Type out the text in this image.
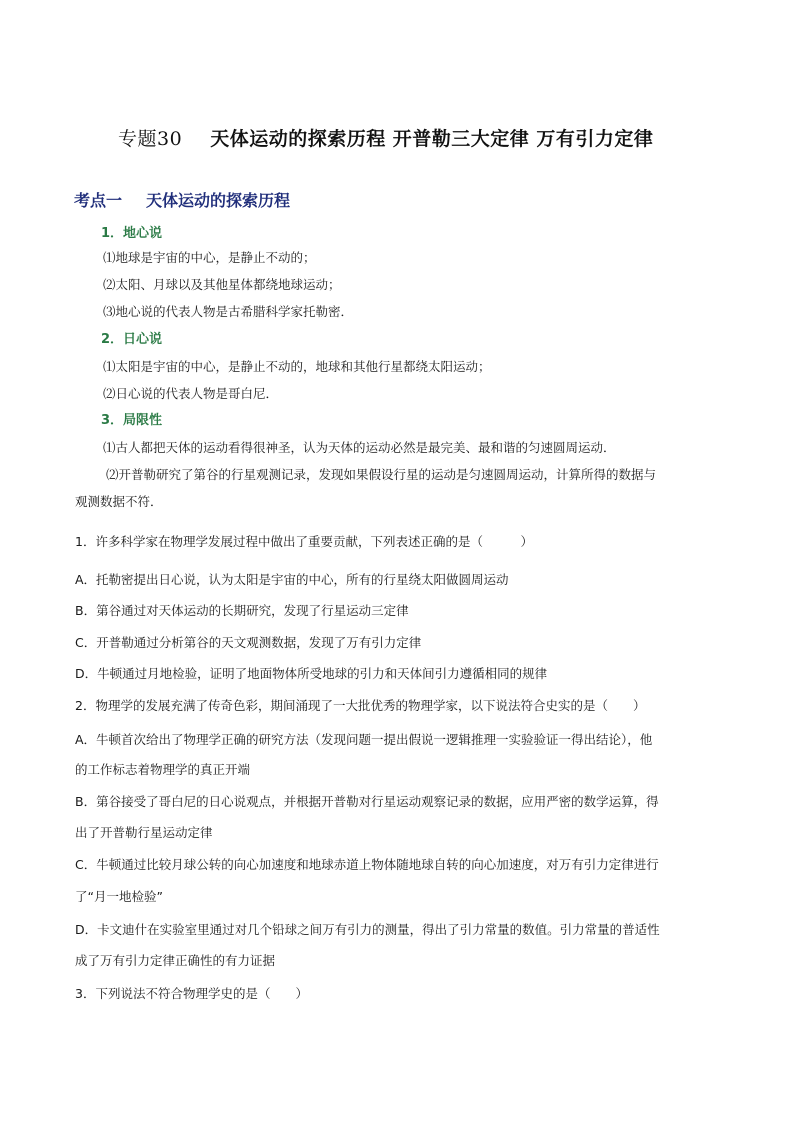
专题30 天体运动的探索历程 开普勒三大定律 万有引力定律
考点一 天体运动的探索历程
1．地心说
⑴地球是宇宙的中心，是静止不动的；
⑵太阳、月球以及其他星体都绕地球运动；
⑶地心说的代表人物是古希腊科学家托勒密．
2．日心说
⑴太阳是宇宙的中心，是静止不动的，地球和其他行星都绕太阳运动；
⑵日心说的代表人物是哥白尼．
3．局限性
⑴古人都把天体的运动看得很神圣，认为天体的运动必然是最完美、最和谐的匀速圆周运动．
⑵开普勒研究了第谷的行星观测记录，发现如果假设行星的运动是匀速圆周运动，计算所得的数据与
观测数据不符．
1．许多科学家在物理学发展过程中做出了重要贡献，下列表述正确的是（　　　）
A．托勒密提出日心说，认为太阳是宇宙的中心，所有的行星绕太阳做圆周运动
B．第谷通过对天体运动的长期研究，发现了行星运动三定律
C．开普勒通过分析第谷的天文观测数据，发现了万有引力定律
D．牛顿通过月地检验，证明了地面物体所受地球的引力和天体间引力遵循相同的规律
2．物理学的发展充满了传奇色彩，期间涌现了一大批优秀的物理学家，以下说法符合史实的是（　　）
A．牛顿首次给出了物理学正确的研究方法（发现问题一提出假说一逻辑推理一实验验证一得出结论），他
的工作标志着物理学的真正开端
B．第谷接受了哥白尼的日心说观点，并根据开普勒对行星运动观察记录的数据，应用严密的数学运算，得
出了开普勒行星运动定律
C．牛顿通过比较月球公转的向心加速度和地球赤道上物体随地球自转的向心加速度，对万有引力定律进行
了“月一地检验”
D．卡文迪什在实验室里通过对几个铅球之间万有引力的测量，得出了引力常量的数值。引力常量的普适性
成了万有引力定律正确性的有力证据
3．下列说法不符合物理学史的是（　　）
